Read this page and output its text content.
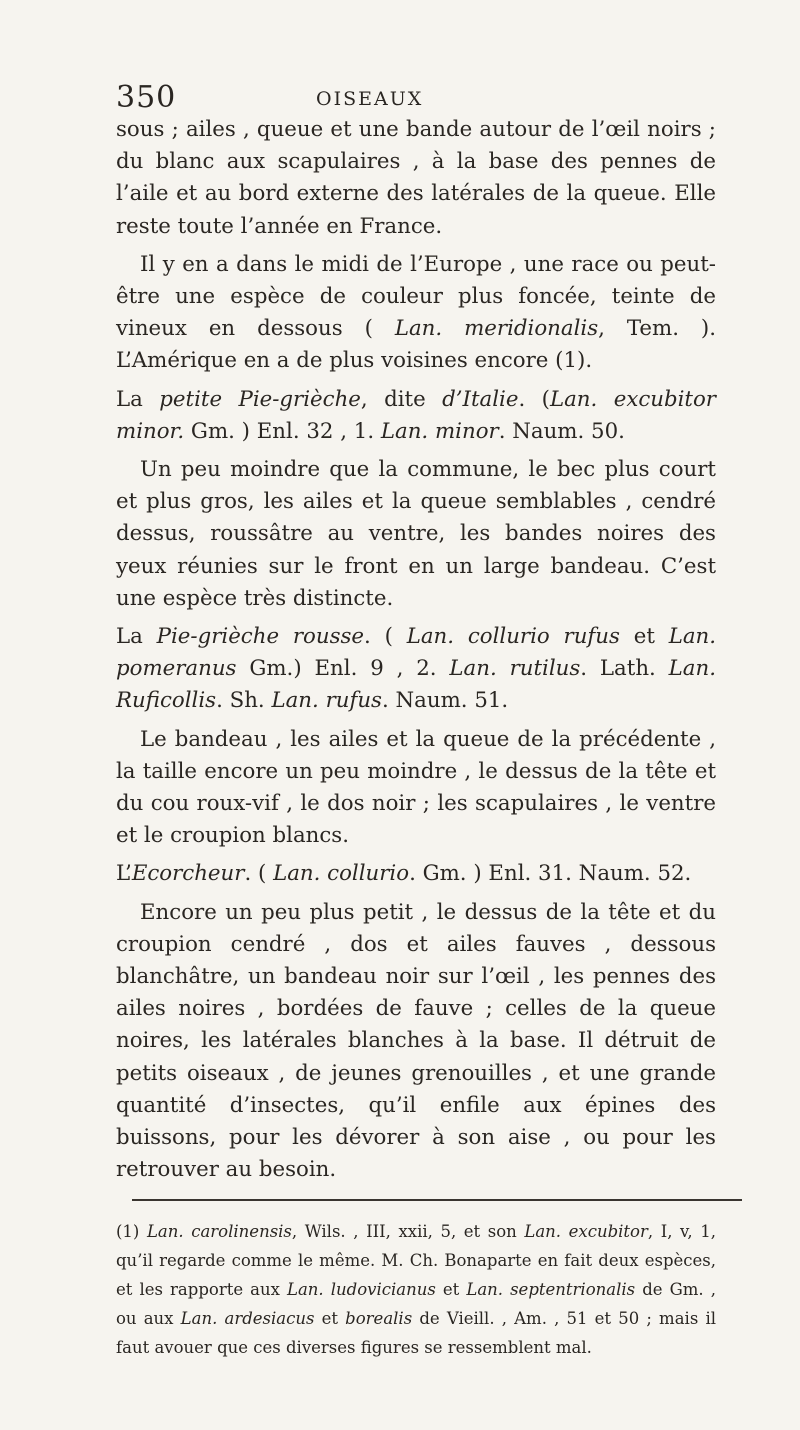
350	OISEAUX

sous ; ailes , queue et une bande autour de l’œil noirs ; du blanc aux scapulaires , à la base des pennes de l’aile et au bord externe des latérales de la queue. Elle reste toute l’année en France.

Il y en a dans le midi de l’Europe , une race ou peut-être une espèce de couleur plus foncée, teinte de vineux en dessous ( Lan. meridionalis, Tem. ). L’Amérique en a de plus voisines encore (1).

La petite Pie-grièche, dite d’Italie. (Lan. excubitor minor. Gm. ) Enl. 32 , 1. Lan. minor. Naum. 50.

Un peu moindre que la commune, le bec plus court et plus gros, les ailes et la queue semblables , cendré dessus, roussâtre au ventre, les bandes noires des yeux réunies sur le front en un large bandeau. C’est une espèce très distincte.

La Pie-grièche rousse. ( Lan. collurio rufus et Lan. pomeranus Gm.) Enl. 9 , 2. Lan. rutilus. Lath. Lan. Ruficollis. Sh. Lan. rufus. Naum. 51.

Le bandeau , les ailes et la queue de la précédente , la taille encore un peu moindre , le dessus de la tête et du cou roux-vif , le dos noir ; les scapulaires , le ventre et le croupion blancs.

L’Ecorcheur. ( Lan. collurio. Gm. ) Enl. 31. Naum. 52.

Encore un peu plus petit , le dessus de la tête et du croupion cendré , dos et ailes fauves , dessous blanchâtre, un bandeau noir sur l’œil , les pennes des ailes noires , bordées de fauve ; celles de la queue noires, les latérales blanches à la base. Il détruit de petits oiseaux , de jeunes grenouilles , et une grande quantité d’insectes, qu’il enfile aux épines des buissons, pour les dévorer à son aise , ou pour les retrouver au besoin.

(1) Lan. carolinensis, Wils. , III, xxii, 5, et son Lan. excubitor, I, v, 1, qu’il regarde comme le même. M. Ch. Bonaparte en fait deux espèces, et les rapporte aux Lan. ludovicianus et Lan. septentrionalis de Gm. , ou aux Lan. ardesiacus et borealis de Vieill. , Am. , 51 et 50 ; mais il faut avouer que ces diverses figures se ressemblent mal.
